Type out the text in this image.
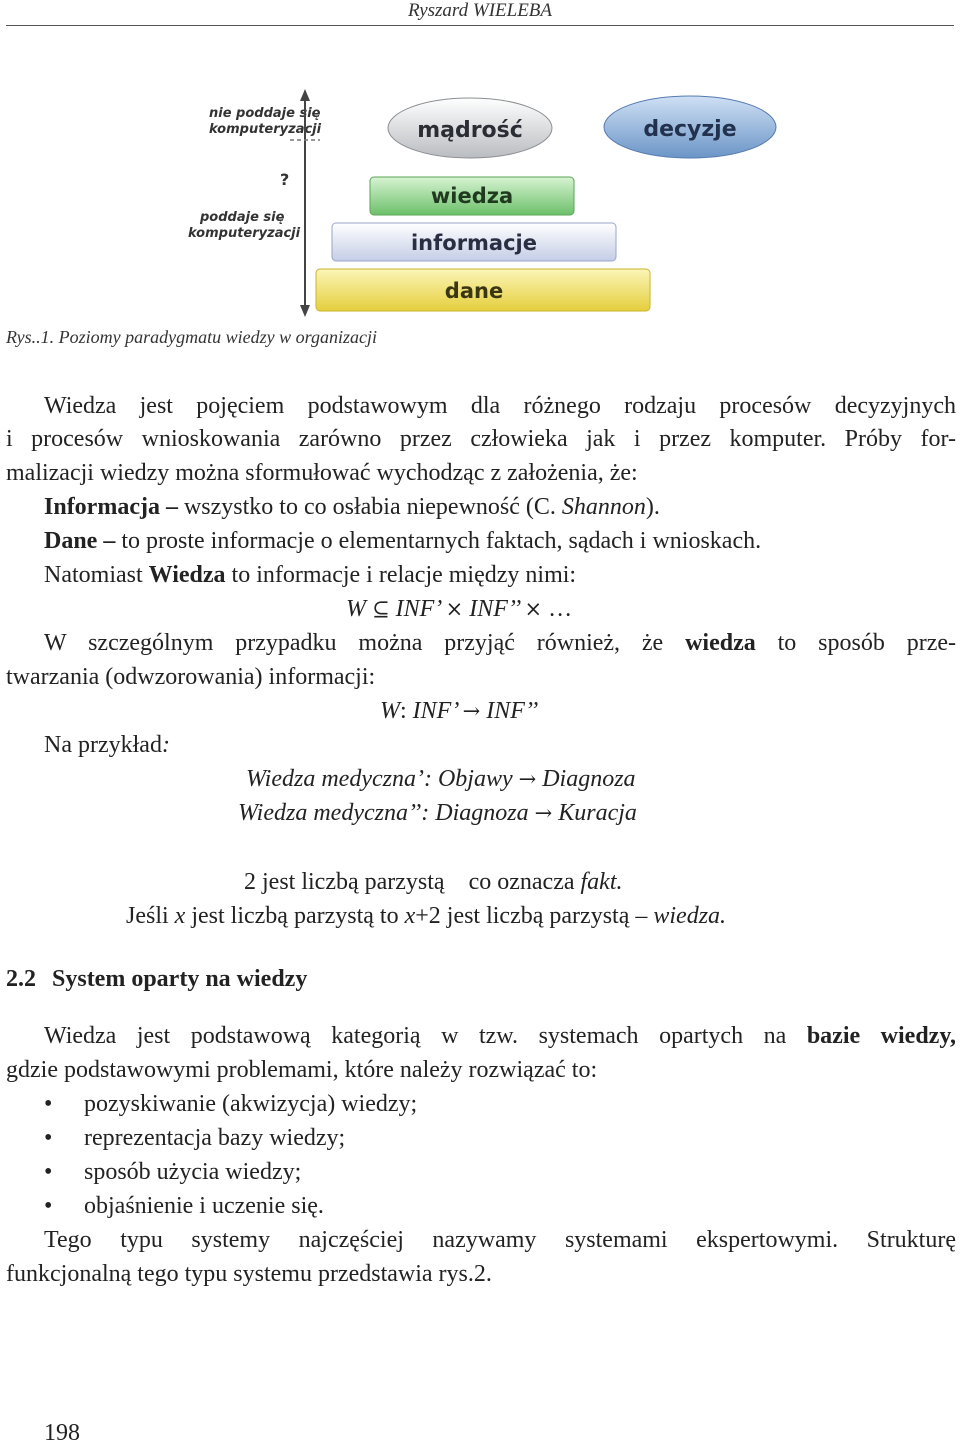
Ryszard WIELEBA
nie poddaje się
komputeryzacji
?
poddaje się
komputeryzacji
mądrość	decyzje
wiedza
informacje
dane
Rys..1. Poziomy paradygmatu wiedzy w organizacji
Wiedza jest pojęciem podstawowym dla różnego rodzaju procesów decyzyjnych
i procesów wnioskowania zarówno przez człowieka jak i przez komputer. Próby for-
malizacji wiedzy można sformułować wychodząc z założenia, że:
Informacja – wszystko to co osłabia niepewność (C. Shannon).
Dane – to proste informacje o elementarnych faktach, sądach i wnioskach.
Natomiast Wiedza to informacje i relacje między nimi:
W ⊆ INF’ × INF’’ × …
W szczególnym przypadku można przyjąć również, że wiedza to sposób prze-
twarzania (odwzorowania) informacji:
W: INF’ → INF’’
Na przykład:
Wiedza medyczna’: Objawy → Diagnoza
Wiedza medyczna’’: Diagnoza → Kuracja
2 jest liczbą parzystą    co oznacza fakt.
Jeśli x jest liczbą parzystą to x+2 jest liczbą parzystą – wiedza.
2.2 System oparty na wiedzy
Wiedza jest podstawową kategorią w tzw. systemach opartych na bazie wiedzy,
gdzie podstawowymi problemami, które należy rozwiązać to:
• pozyskiwanie (akwizycja) wiedzy;
• reprezentacja bazy wiedzy;
• sposób użycia wiedzy;
• objaśnienie i uczenie się.
Tego typu systemy najczęściej nazywamy systemami ekspertowymi. Strukturę
funkcjonalną tego typu systemu przedstawia rys.2.
198
